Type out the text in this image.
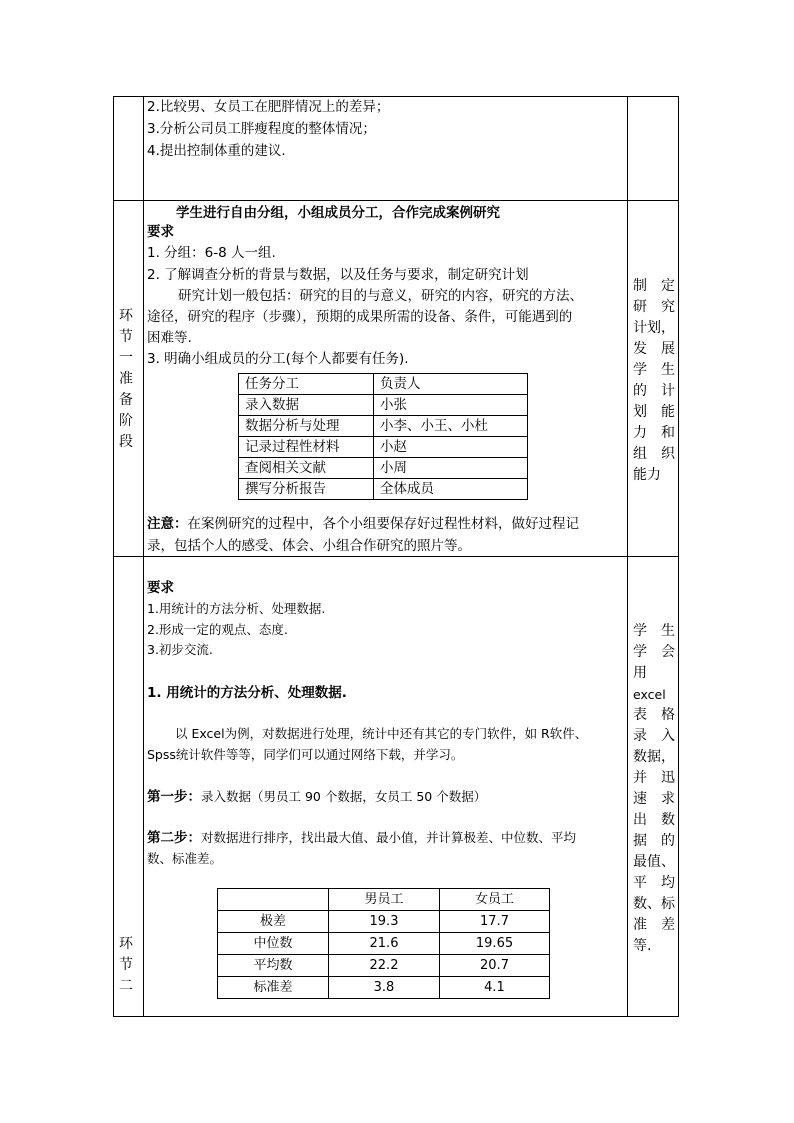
2.比较男、女员工在肥胖情况上的差异；
3.分析公司员工胖瘦程度的整体情况；
4.提出控制体重的建议.
环
节
一
准
备
阶
段
学生进行自由分组，小组成员分工，合作完成案例研究
要求
1. 分组：6-8 人一组.
2. 了解调查分析的背景与数据，以及任务与要求，制定研究计划
研究计划一般包括：研究的目的与意义，研究的内容，研究的方法、
途径，研究的程序（步骤），预期的成果所需的设备、条件，可能遇到的
困难等.
3. 明确小组成员的分工(每个人都要有任务).
任务分工	负责人
录入数据	小张
数据分析与处理	小李、小王、小杜
记录过程性材料	小赵
查阅相关文献	小周
撰写分析报告	全体成员
注意：在案例研究的过程中，各个小组要保存好过程性材料，做好过程记
录，包括个人的感受、体会、小组合作研究的照片等。
制 定
研 究
计划，
发 展
学 生
的 计
划 能
力 和
组 织
能力
环
节
二
要求
1.用统计的方法分析、处理数据.
2.形成一定的观点、态度.
3.初步交流.
1. 用统计的方法分析、处理数据.
以 Excel为例，对数据进行处理，统计中还有其它的专门软件，如 R软件、
Spss统计软件等等，同学们可以通过网络下载，并学习。
第一步：录入数据（男员工 90 个数据，女员工 50 个数据）
第二步：对数据进行排序，找出最大值、最小值，并计算极差、中位数、平均
数、标准差。
	男员工	女员工
极差	19.3	17.7
中位数	21.6	19.65
平均数	22.2	20.7
标准差	3.8	4.1
学 生
学 会
用
excel
表 格
录 入
数据，
并 迅
速 求
出 数
据 的
最值、
平 均
数、标
准 差
等.
